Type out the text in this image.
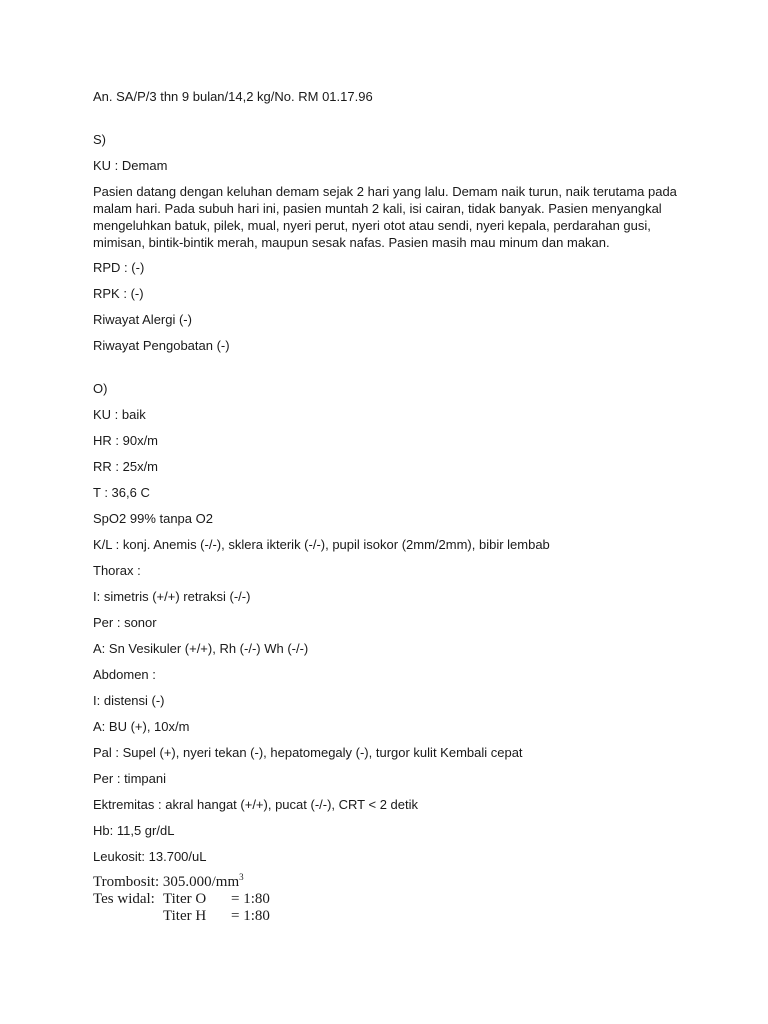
An. SA/P/3 thn 9 bulan/14,2 kg/No. RM 01.17.96

S)

KU : Demam

Pasien datang dengan keluhan demam sejak 2 hari yang lalu. Demam naik turun, naik terutama pada malam hari. Pada subuh hari ini, pasien muntah 2 kali, isi cairan, tidak banyak. Pasien menyangkal mengeluhkan batuk, pilek, mual, nyeri perut, nyeri otot atau sendi, nyeri kepala, perdarahan gusi, mimisan, bintik-bintik merah, maupun sesak nafas. Pasien masih mau minum dan makan.

RPD : (-)

RPK : (-)

Riwayat Alergi (-)

Riwayat Pengobatan (-)

O)

KU : baik

HR : 90x/m

RR : 25x/m

T : 36,6 C

SpO2 99% tanpa O2

K/L : konj. Anemis (-/-), sklera ikterik (-/-), pupil isokor (2mm/2mm), bibir lembab

Thorax :

I: simetris (+/+) retraksi (-/-)

Per : sonor

A: Sn Vesikuler (+/+), Rh (-/-) Wh (-/-)

Abdomen :

I: distensi (-)

A: BU (+), 10x/m

Pal : Supel (+), nyeri tekan (-), hepatomegaly (-), turgor kulit Kembali cepat

Per : timpani

Ektremitas : akral hangat (+/+), pucat (-/-), CRT < 2 detik

Hb: 11,5 gr/dL

Leukosit: 13.700/uL

Trombosit: $305.000/mm^3$

Tes widal: Titer O = 1:80

Titer H = 1:80
